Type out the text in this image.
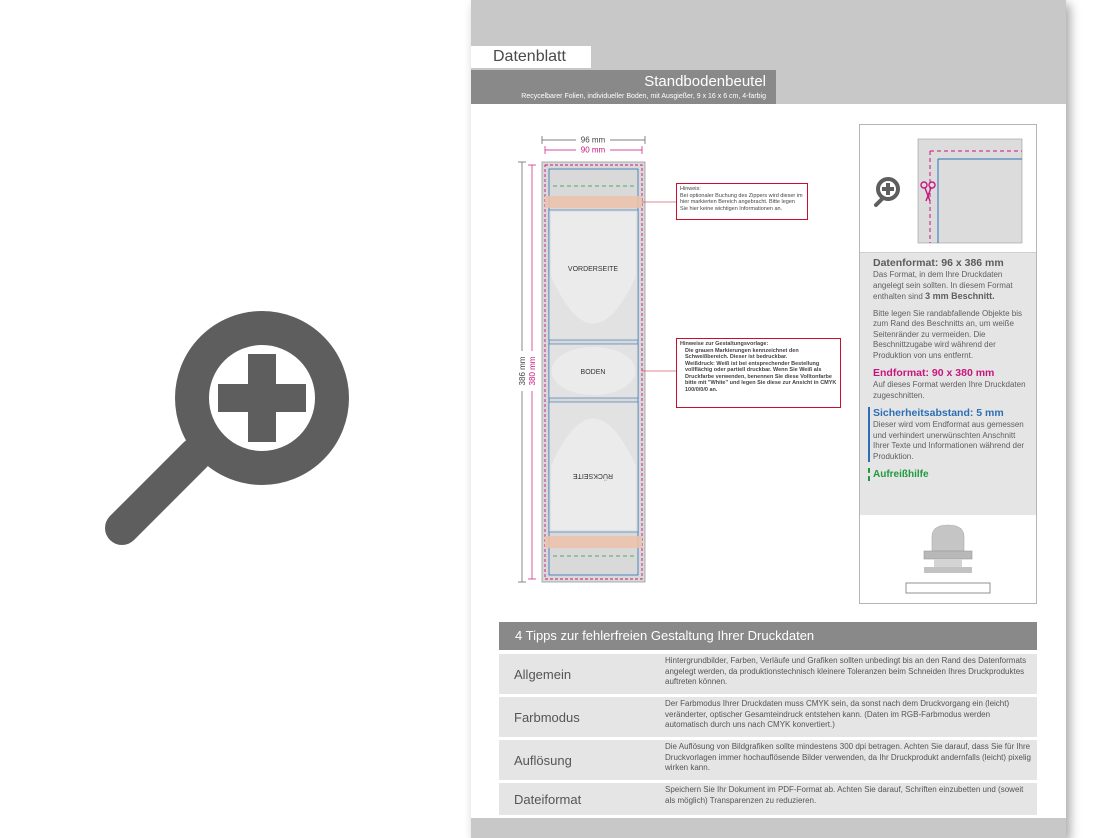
Datenblatt
Standbodenbeutel
Recycelbarer Folien, individueller Boden, mit Ausgießer, 9 x 16 x 6 cm, 4-farbig
96 mm
90 mm
386 mm 380 mm
VORDERSEITE
BODEN
RÜCKSEITE
Hinweis:
Bei optionaler Buchung des Zippers wird dieser im hier markierten Bereich angebracht. Bitte legen Sie hier keine wichtigen Informationen an.
Hinweise zur Gestaltungsvorlage:
Die grauen Markierungen kennzeichnet den Schweißbereich. Dieser ist bedruckbar.
Weißdruck: Weiß ist bei entsprechender Bestellung vollflächig oder partiell druckbar. Wenn Sie Weiß als Druckfarbe verwenden, benennen Sie diese Volltonfarbe bitte mit "White" und legen Sie diese zur Ansicht in CMYK 100/0/0/0 an.
Datenformat: 96 x 386 mm

Das Format, in dem Ihre Druckdaten angelegt sein sollten. In diesem Format enthalten sind 3 mm Beschnitt.

Bitte legen Sie randabfallende Objekte bis zum Rand des Beschnitts an, um weiße Seitenränder zu vermeiden. Die Beschnittzugabe wird während der Produktion von uns entfernt.

Endformat: 90 x 380 mm

Auf dieses Format werden Ihre Druckdaten zugeschnitten.

Sicherheitsabstand: 5 mm

Dieser wird vom Endformat aus gemessen und verhindert unerwünschten Anschnitt Ihrer Texte und Informationen während der Produktion.

Aufreißhilfe
4 Tipps zur fehlerfreien Gestaltung Ihrer Druckdaten
Allgemein
Hintergrundbilder, Farben, Verläufe und Grafiken sollten unbedingt bis an den Rand des Datenformats angelegt werden, da produktionstechnisch kleinere Toleranzen beim Schneiden Ihres Druckproduktes auftreten können.
Farbmodus
Der Farbmodus Ihrer Druckdaten muss CMYK sein, da sonst nach dem Druckvorgang ein (leicht) veränderter, optischer Gesamteindruck entstehen kann. (Daten im RGB-Farbmodus werden automatisch durch uns nach CMYK konvertiert.)
Auflösung
Die Auflösung von Bildgrafiken sollte mindestens 300 dpi betragen. Achten Sie darauf, dass Sie für Ihre Druckvorlagen immer hochauflösende Bilder verwenden, da Ihr Druckprodukt andernfalls (leicht) pixelig wirken kann.
Dateiformat
Speichern Sie Ihr Dokument im PDF-Format ab. Achten Sie darauf, Schriften einzubetten und (soweit als möglich) Transparenzen zu reduzieren.
